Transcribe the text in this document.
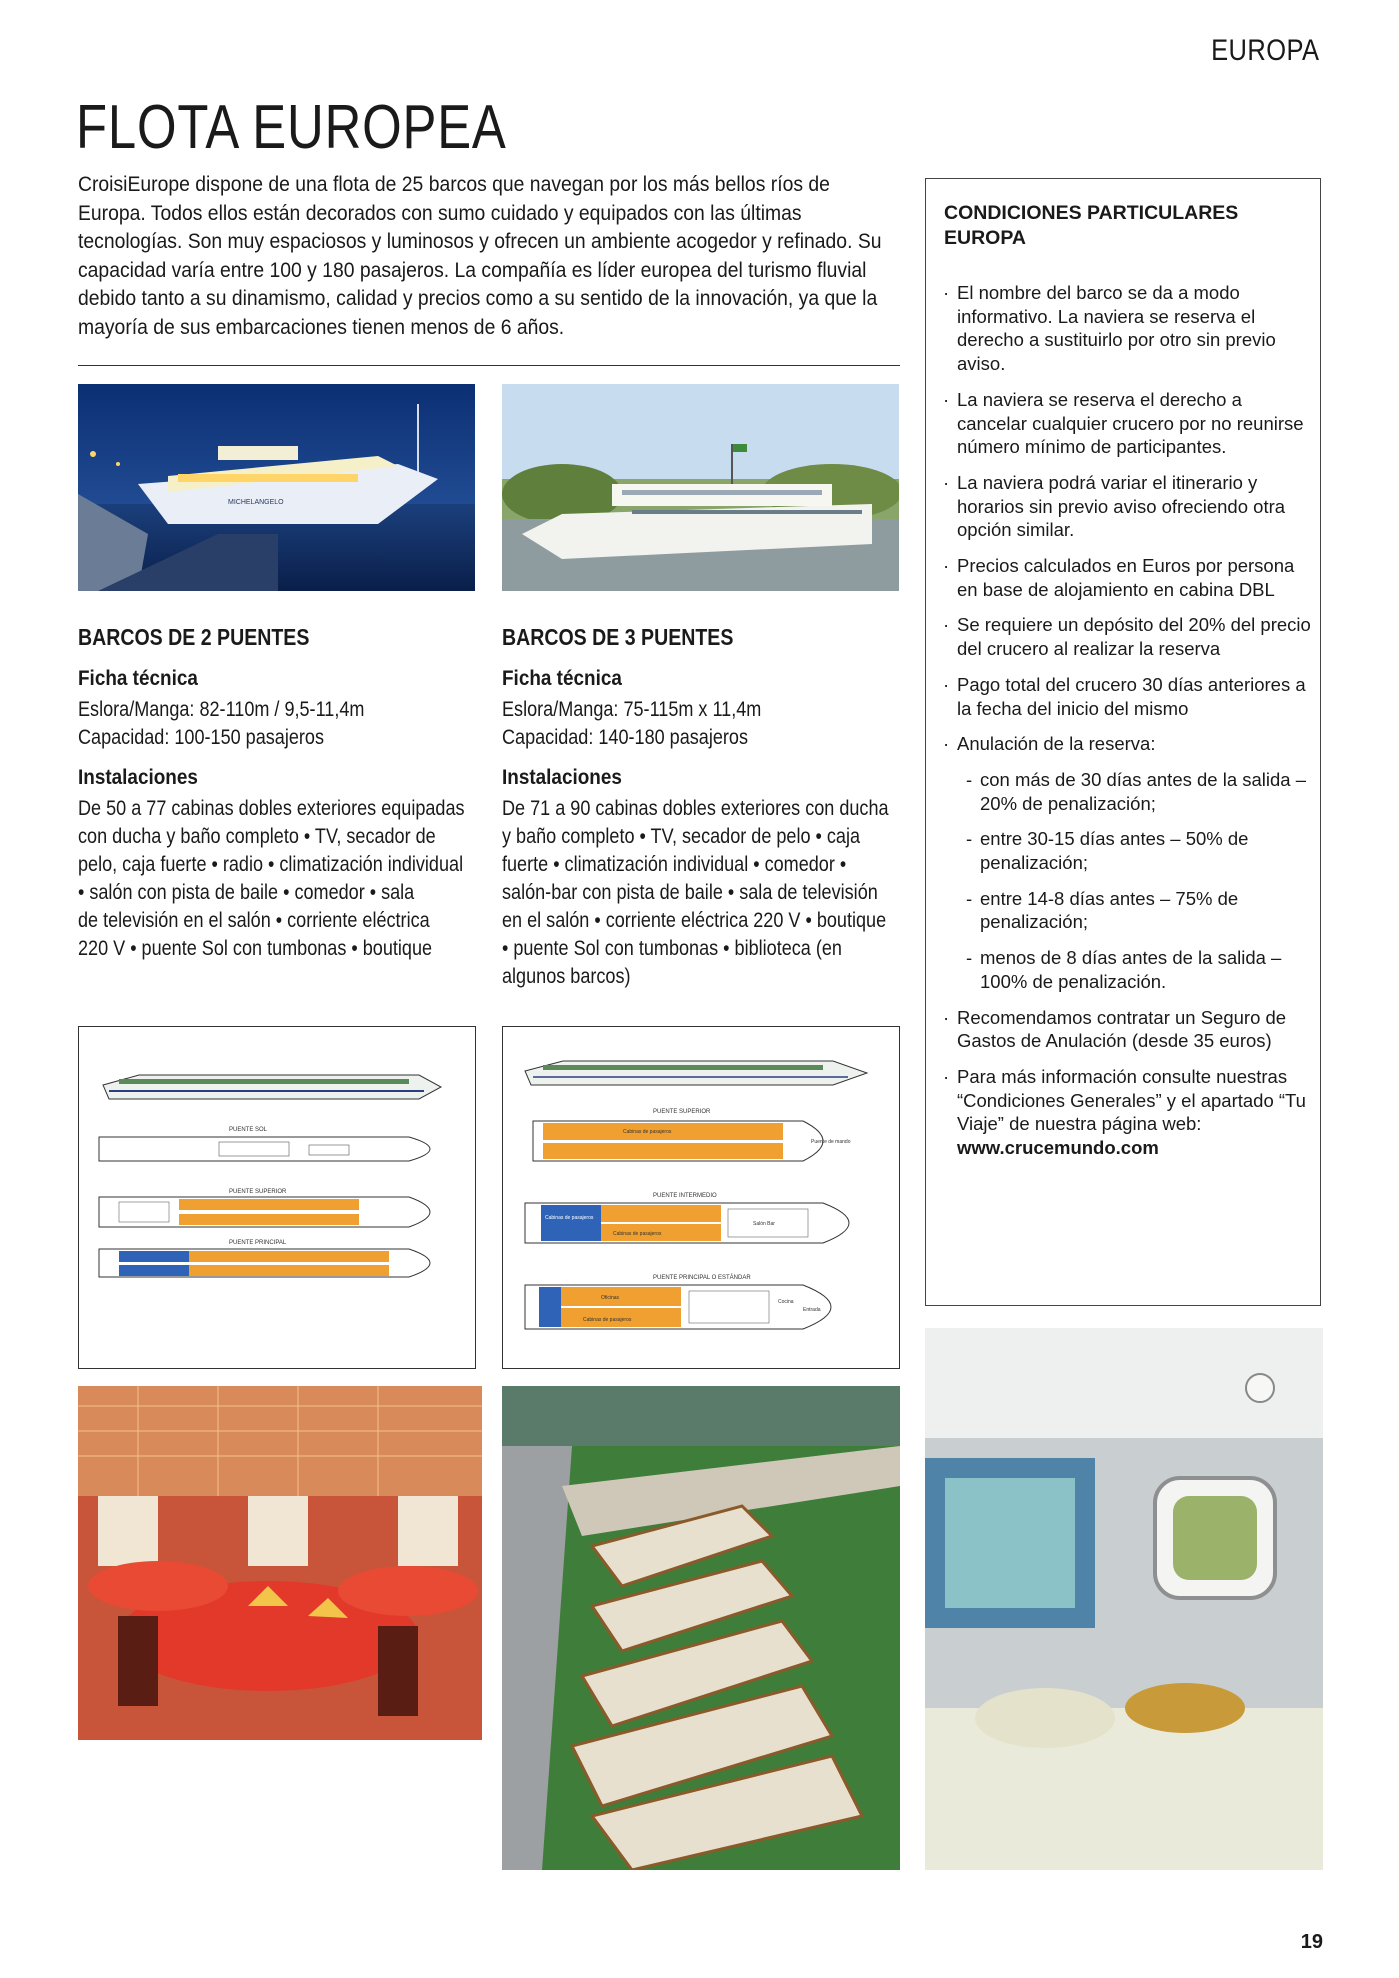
EUROPA
FLOTA EUROPEA
CroisiEurope dispone de una flota de 25 barcos que navegan por los más bellos ríos de Europa. Todos ellos están decorados con sumo cuidado y equipados con las últimas tecnologías. Son muy espaciosos y luminosos y ofrecen un ambiente acogedor y refinado. Su capacidad varía entre 100 y 180 pasajeros. La compañía es líder europea del turismo fluvial debido tanto a su dinamismo, calidad y precios como a su sentido de la innovación, ya que la mayoría de sus embarcaciones tienen menos de 6 años.
MICHELANGELO
BARCOS DE 2 PUENTES
Ficha técnica
Eslora/Manga: 82-110m / 9,5-11,4m
Capacidad: 100-150 pasajeros
Instalaciones
De 50 a 77 cabinas dobles exteriores equipadas
con ducha y baño completo • TV, secador de
pelo, caja fuerte • radio • climatización individual
• salón con pista de baile • comedor • sala
de televisión en el salón • corriente eléctrica
220 V • puente Sol con tumbonas • boutique
BARCOS DE 3 PUENTES
Ficha técnica
Eslora/Manga: 75-115m x 11,4m
Capacidad: 140-180 pasajeros
Instalaciones
De 71 a 90 cabinas dobles exteriores con ducha
y baño completo • TV, secador de pelo • caja
fuerte • climatización individual • comedor •
salón-bar con pista de baile • sala de televisión
en el salón • corriente eléctrica 220 V • boutique
• puente Sol con tumbonas • biblioteca (en
algunos barcos)
PUENTE SOL
PUENTE SUPERIOR
PUENTE PRINCIPAL
PUENTE SUPERIOR
Cabinas de pasajeros
Puente de mando
PUENTE INTERMEDIO
Cabinas de pasajeros
Salón Bar
Cabinas de pasajeros
PUENTE PRINCIPAL O ESTÁNDAR
Cabinas de pasajeros
Oficinas
Entrada
Cocina
CONDICIONES PARTICULARES EUROPA
· El nombre del barco se da a modo informativo. La naviera se reserva el derecho a sustituirlo por otro sin previo aviso.
· La naviera se reserva el derecho a cancelar cualquier crucero por no reunirse número mínimo de participantes.
· La naviera podrá variar el itinerario y horarios sin previo aviso ofreciendo otra opción similar.
· Precios calculados en Euros por persona en base de alojamiento en cabina DBL
· Se requiere un depósito del 20% del precio del crucero al realizar la reserva
· Pago total del crucero 30 días anteriores a la fecha del inicio del mismo
· Anulación de la reserva:
- con más de 30 días antes de la salida – 20% de penalización;
- entre 30-15 días antes – 50% de penalización;
- entre 14-8 días antes – 75% de penalización;
- menos de 8 días antes de la salida – 100% de penalización.
· Recomendamos contratar un Seguro de Gastos de Anulación (desde 35 euros)
· Para más información consulte nuestras “Condiciones Generales” y el apartado “Tu Viaje” de nuestra página web: www.crucemundo.com
19
